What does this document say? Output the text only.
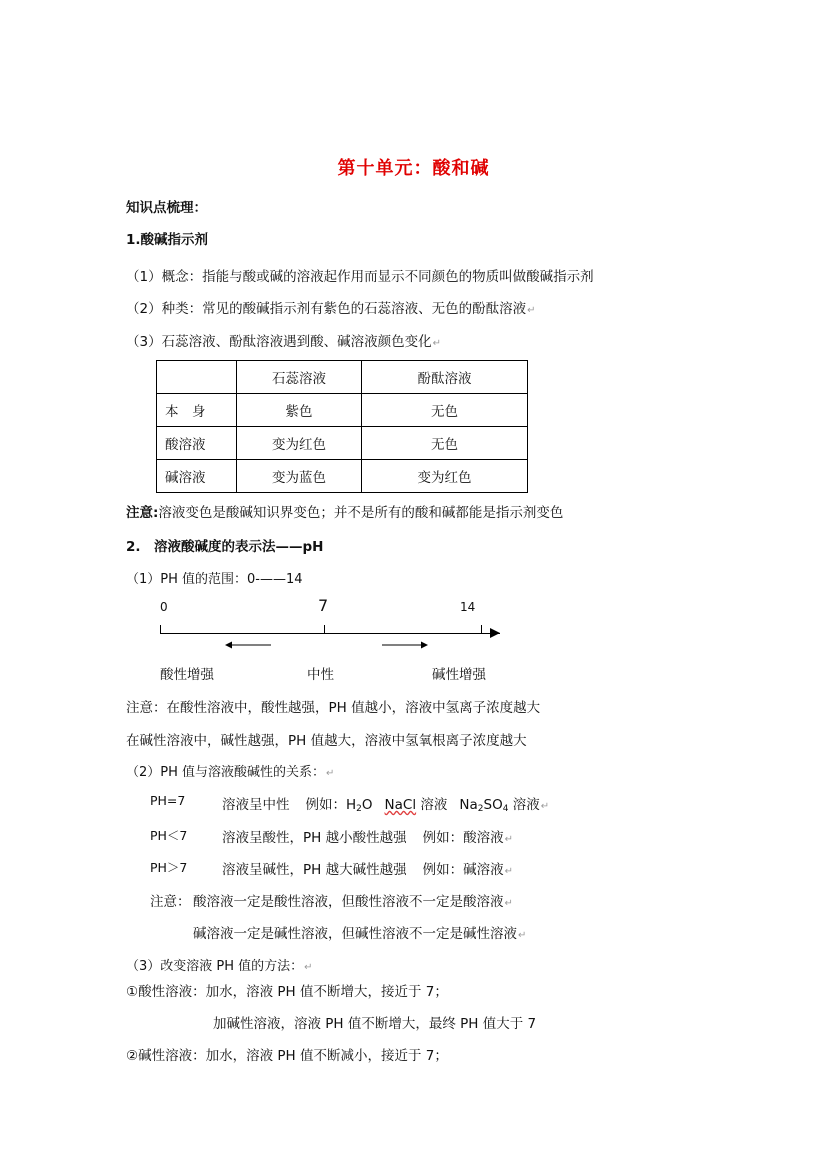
第十单元：酸和碱
知识点梳理：
1.酸碱指示剂
（1）概念：指能与酸或碱的溶液起作用而显示不同颜色的物质叫做酸碱指示剂
（2）种类：常见的酸碱指示剂有紫色的石蕊溶液、无色的酚酞溶液↵
（3）石蕊溶液、酚酞溶液遇到酸、碱溶液颜色变化↵
	石蕊溶液	酚酞溶液
本　身	紫色	无色
酸溶液	变为红色	无色
碱溶液	变为蓝色	变为红色
注意:溶液变色是酸碱知识界变色；并不是所有的酸和碱都能是指示剂变色
2.　溶液酸碱度的表示法——pH
（1）PH 值的范围：0-——14
0	7	14
酸性增强	中性	碱性增强
注意：在酸性溶液中，酸性越强，PH 值越小，溶液中氢离子浓度越大
在碱性溶液中，碱性越强，PH 值越大，溶液中氢氧根离子浓度越大
（2）PH 值与溶液酸碱性的关系：↵
PH=7	溶液呈中性 例如：$H_2O$ NaCl 溶液 $Na_2SO_4$ 溶液↵
PH＜7	溶液呈酸性，PH 越小酸性越强 例如：酸溶液↵
PH＞7	溶液呈碱性，PH 越大碱性越强 例如：碱溶液↵
注意： 酸溶液一定是酸性溶液，但酸性溶液不一定是酸溶液↵
碱溶液一定是碱性溶液，但碱性溶液不一定是碱性溶液↵
（3）改变溶液 PH 值的方法：↵
①酸性溶液：加水，溶液 PH 值不断增大，接近于 7；
加碱性溶液，溶液 PH 值不断增大，最终 PH 值大于 7
②碱性溶液：加水，溶液 PH 值不断减小，接近于 7；
